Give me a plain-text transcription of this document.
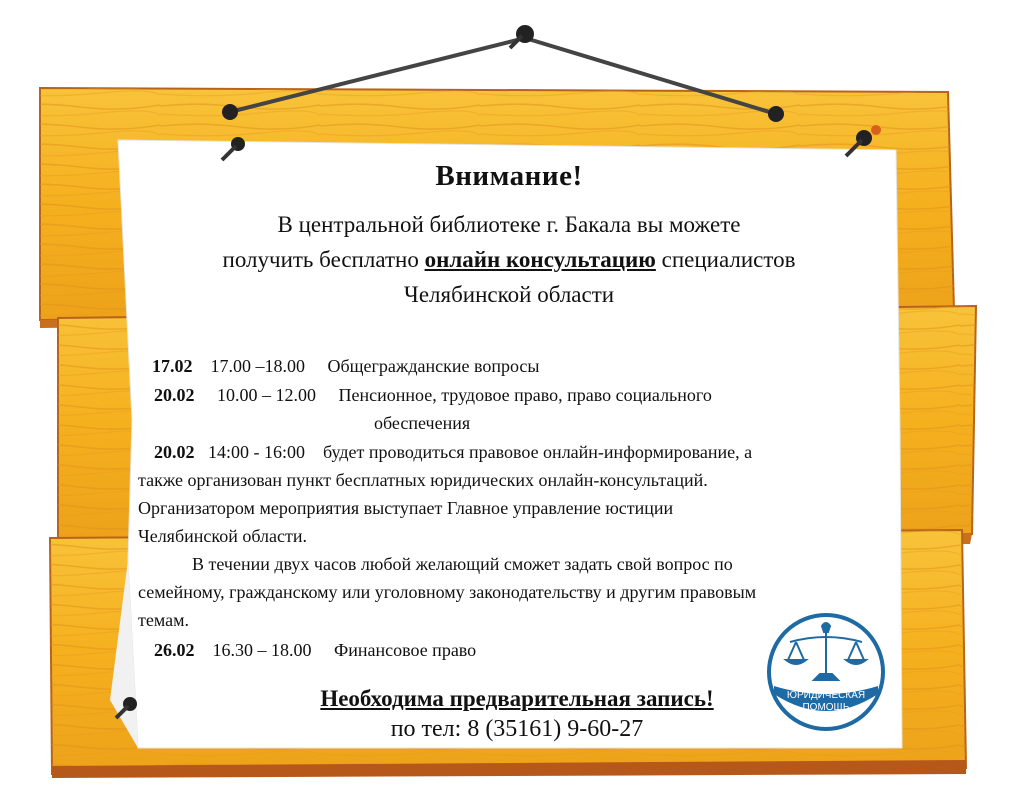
Внимание!
В центральной библиотеке г. Бакала вы можете
получить бесплатно онлайн консультацию специалистов
Челябинской области
17.02 17.00 –18.00 Общегражданские вопросы
20.02 10.00 – 12.00 Пенсионное, трудовое право, право социального
обеспечения
20.02 14:00 - 16:00 будет проводиться правовое онлайн-информирование, а
также организован пункт бесплатных юридических онлайн-консультаций.
Организатором мероприятия выступает Главное управление юстиции
Челябинской области.
В течении двух часов любой желающий сможет задать свой вопрос по
семейному, гражданскому или уголовному законодательству и другим правовым
темам.
26.02 16.30 – 18.00 Финансовое право
Необходима предварительная запись!
по тел: 8 (35161) 9-60-27
ЮРИДИЧЕСКАЯ
ПОМОЩЬ
